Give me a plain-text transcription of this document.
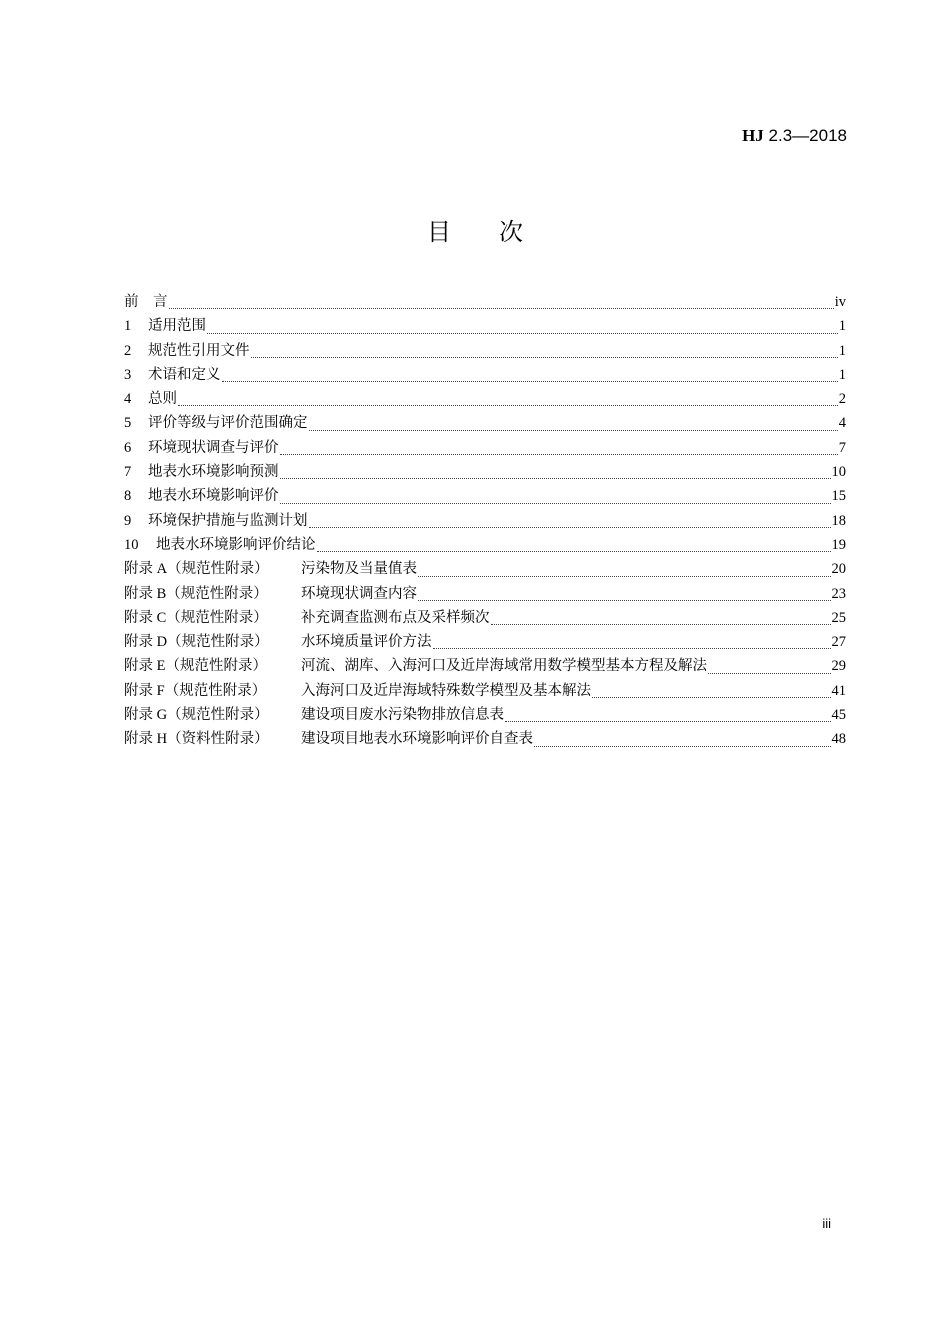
HJ 2.3—2018
目次
前　言	iv
1	适用范围	1
2	规范性引用文件	1
3	术语和定义	1
4	总则	2
5	评价等级与评价范围确定	4
6	环境现状调查与评价	7
7	地表水环境影响预测	10
8	地表水环境影响评价	15
9	环境保护措施与监测计划	18
10	地表水环境影响评价结论	19
附录 A（规范性附录）	污染物及当量值表	20
附录 B（规范性附录）	环境现状调查内容	23
附录 C（规范性附录）	补充调查监测布点及采样频次	25
附录 D（规范性附录）	水环境质量评价方法	27
附录 E（规范性附录）	河流、湖库、入海河口及近岸海域常用数学模型基本方程及解法	29
附录 F（规范性附录）	入海河口及近岸海域特殊数学模型及基本解法	41
附录 G（规范性附录）	建设项目废水污染物排放信息表	45
附录 H（资料性附录）	建设项目地表水环境影响评价自查表	48
iii
